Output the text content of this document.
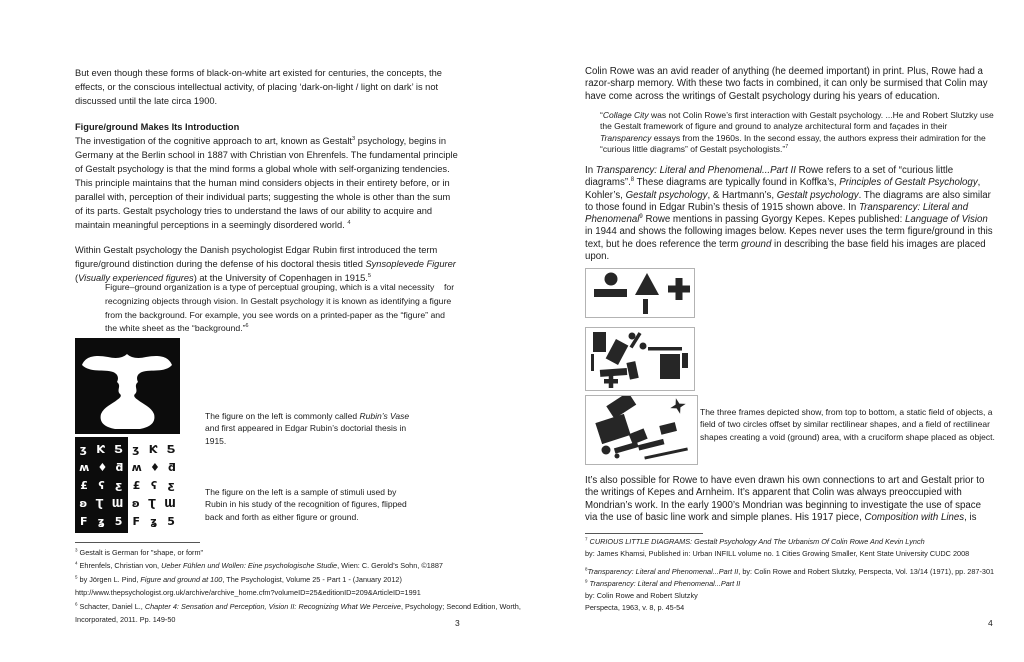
But even though these forms of black-on-white art existed for centuries, the concepts, the effects, or the conscious intellectual activity, of placing ‘dark-on-light / light on dark’ is not discussed until the late circa 1900.
Figure/ground Makes Its Introduction
The investigation of the cognitive approach to art, known as Gestalt$^3$ psychology, begins in Germany at the Berlin school in 1887 with Christian von Ehrenfels. The fundamental principle of Gestalt psychology is that the mind forms a global whole with self-organizing tendencies. This principle maintains that the human mind considers objects in their entirety before, or in parallel with, perception of their individual parts; suggesting the whole is other than the sum of its parts. Gestalt psychology tries to understand the laws of our ability to acquire and maintain meaningful perceptions in a seemingly disordered world. $^4$
Within Gestalt psychology the Danish psychologist Edgar Rubin first introduced the term figure/ground distinction during the defense of his doctoral thesis titled Synsoplevede Figurer (Visually experienced figures) at the University of Copenhagen in 1915.$^5$
Figure–ground organization is a type of perceptual grouping, which is a vital necessity    for recognizing objects through vision. In Gestalt psychology it is known as identifying a figure from the background. For example, you see words on a printed-paper as the “figure” and the white sheet as the “background.”$^6$
The figure on the left is commonly called Rubin’s Vase and first appeared in Edgar Rubin’s doctorial thesis in 1915.
ʒ Ƙ Ƽ
ʍ ♦ ƌ
£ ʕ ƹ
ʚ Ʈ Ɯ
F ʓ 5
ʒ Ƙ Ƽ
ʍ ♦ ƌ
£ ʕ ƹ
ʚ Ʈ Ɯ
F ʓ 5
The figure on the left is a sample of stimuli used by Rubin in his study of the recognition of figures, flipped back and forth as either figure or ground.
$^3$ Gestalt is German for "shape, or form"
$^4$ Ehrenfels, Christian von, Ueber Fühlen und Wollen: Eine psychologische Studie, Wien: C. Gerold’s Sohn, ©1887
$^5$ by Jörgen L. Pind, Figure and ground at 100, The Psychologist, Volume 25 - Part 1 - (January 2012)
http://www.thepsychologist.org.uk/archive/archive_home.cfm?volumeID=25&editionID=209&ArticleID=1991
$^6$ Schacter, Daniel L., Chapter 4: Sensation and Perception, Vision II: Recognizing What We Perceive, Psychology; Second Edition, Worth, Incorporated, 2011. Pp. 149-50	3
Colin Rowe was an avid reader of anything (he deemed important) in print. Plus, Rowe had a razor-sharp memory. With these two facts in combined, it can only be surmised that Colin may have come across the writings of Gestalt psychology during his years of education.
“Collage City was not Colin Rowe’s first interaction with Gestalt psychology. ...He and Robert Slutzky use the Gestalt framework of figure and ground to analyze architectural form and façades in their Transparency essays from the 1960s. In the second essay, the authors express their admiration for the “curious little diagrams” of Gestalt psychologists.”$^7$
In Transparency: Literal and Phenomenal...Part II Rowe refers to a set of “curious little diagrams”.$^8$ These diagrams are typically found in Koffka’s, Principles of Gestalt Psychology, Kohler’s, Gestalt psychology, & Hartmann’s, Gestalt psychology. The diagrams are also similar to those found in Edgar Rubin’s thesis of 1915 shown above. In Transparency: Literal and Phenomenal$^9$ Rowe mentions in passing Gyorgy Kepes. Kepes published: Language of Vision in 1944 and shows the following images below. Kepes never uses the term figure/ground in this text, but he does reference the term ground in describing the base field his images are placed upon.
The three frames depicted show, from top to bottom, a static field of objects, a field of two circles offset by similar rectilinear shapes, and a field of rectilinear shapes creating a void (ground) area, with a cruciform shape placed as object.
It’s also possible for Rowe to have even drawn his own connections to art and Gestalt prior to the writings of Kepes and Arnheim. It’s apparent that Colin was always preoccupied with Mondrian’s work. In the early 1900’s Mondrian was beginning to investigate the use of space via the use of basic line work and simple planes. His 1917 piece, Composition with Lines, is
$^7$ CURIOUS LITTLE DIAGRAMS: Gestalt Psychology And The Urbanism Of Colin Rowe And Kevin Lynch
by: James Khamsi, Published in: Urban INFILL volume no. 1 Cities Growing Smaller, Kent State University CUDC 2008
$^8$Transparency: Literal and Phenomenal...Part II, by: Colin Rowe and Robert Slutzky, Perspecta, Vol. 13/14 (1971), pp. 287-301
$^9$ Transparency: Literal and Phenomenal...Part II
by: Colin Rowe and Robert Slutzky
Perspecta, 1963, v. 8, p. 45-54
4
